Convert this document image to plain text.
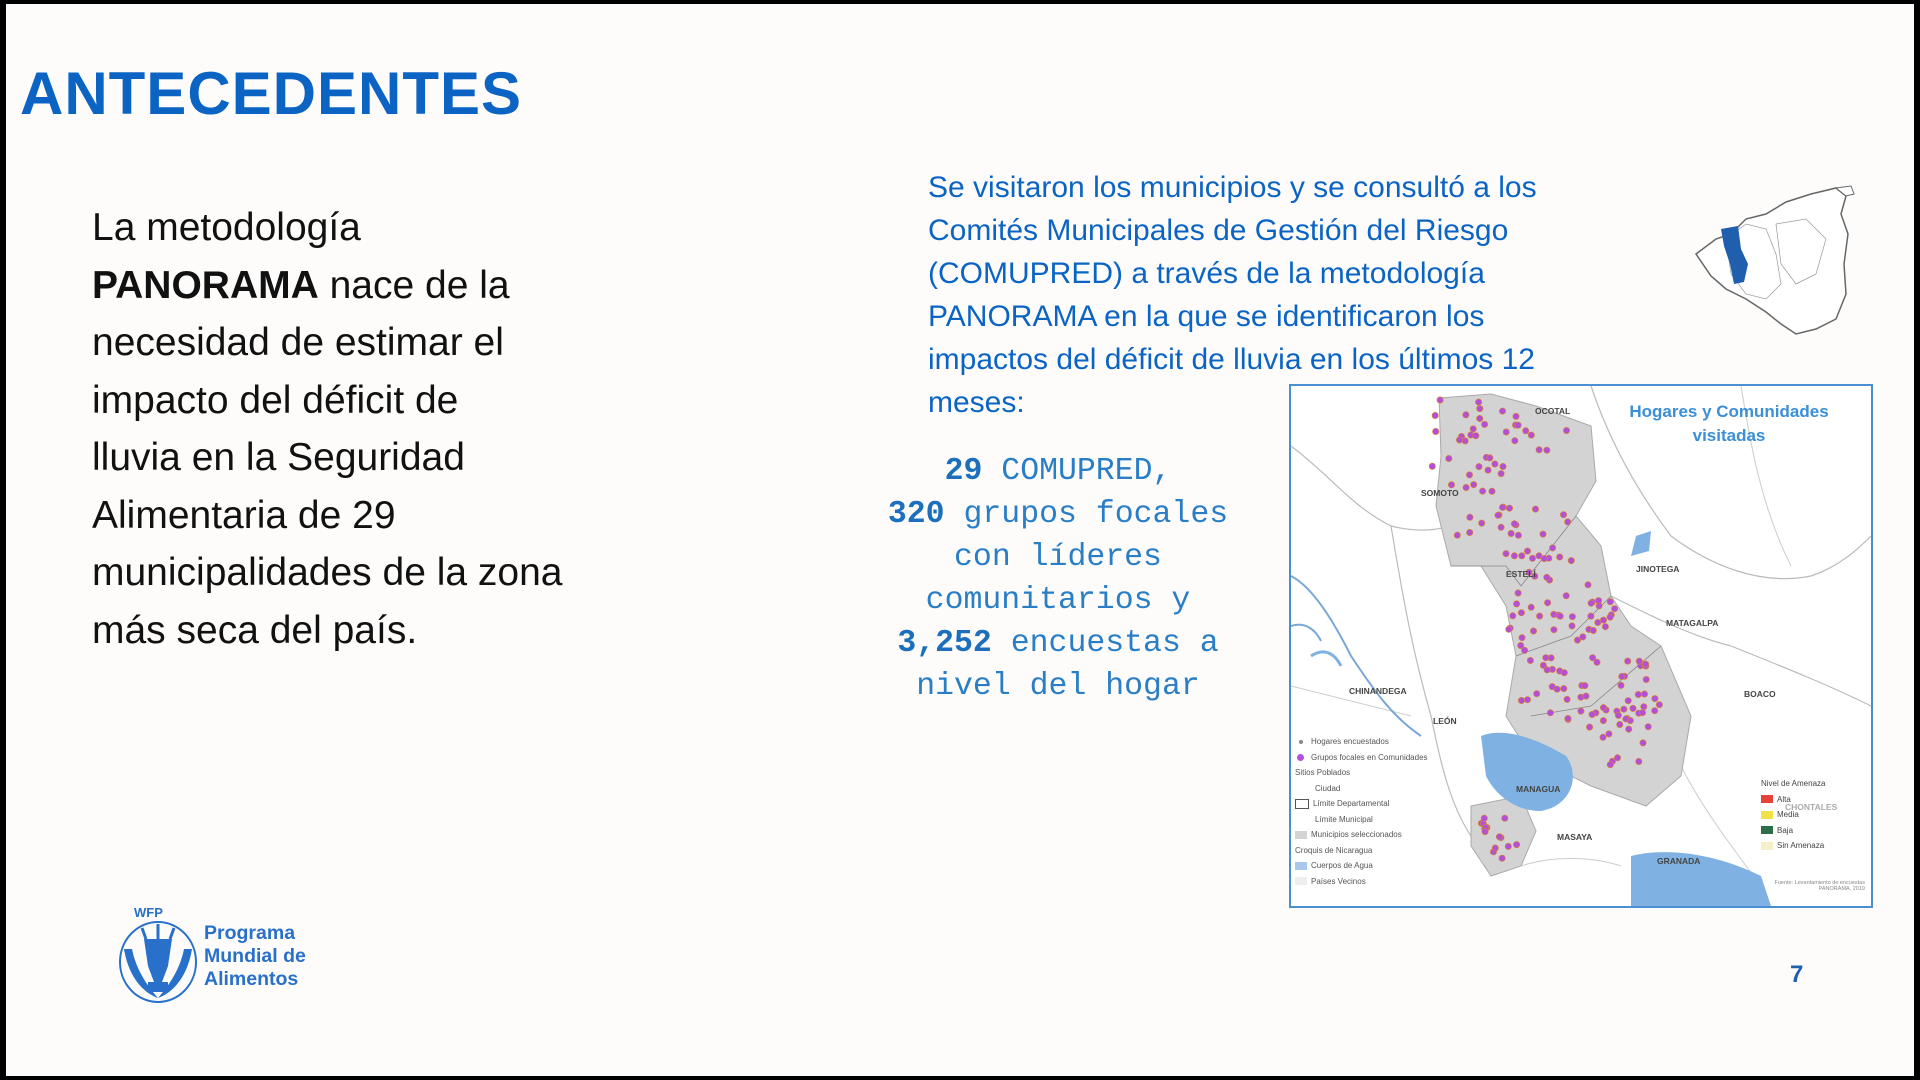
ANTECEDENTES
La metodología
PANORAMA nace de la
necesidad de estimar el
impacto del déficit de
lluvia en la Seguridad
Alimentaria de 29
municipalidades de la zona
más seca del país.
Se visitaron los municipios y se consultó a los
Comités Municipales de Gestión del Riesgo
(COMUPRED) a través de la metodología
PANORAMA en la que se identificaron los
impactos del déficit de lluvia en los últimos 12
meses:
29 COMUPRED,
320 grupos focales
con líderes
comunitarios y
3,252 encuestas a
nivel del hogar
Hogares y Comunidades
visitadas
OCOTAL
SOMOTO
ESTELÍ	JINOTEGA
MATAGALPA
CHINANDEGA
LEÓN
BOACO
MANAGUA
MASAYA
GRANADA
CHONTALES
Hogares encuestados
Grupos focales en Comunidades
Sitios Poblados
Ciudad
Límite Departamental
Límite Municipal
Municipios seleccionados
Croquis de Nicaragua
Cuerpos de Agua
Países Vecinos
Nivel de Amenaza
Alta
Media
Baja
Sin Amenaza
Fuente: Levantamiento de encuestas PANORAMA, 2019
WFP
Programa
Mundial de
Alimentos	7
